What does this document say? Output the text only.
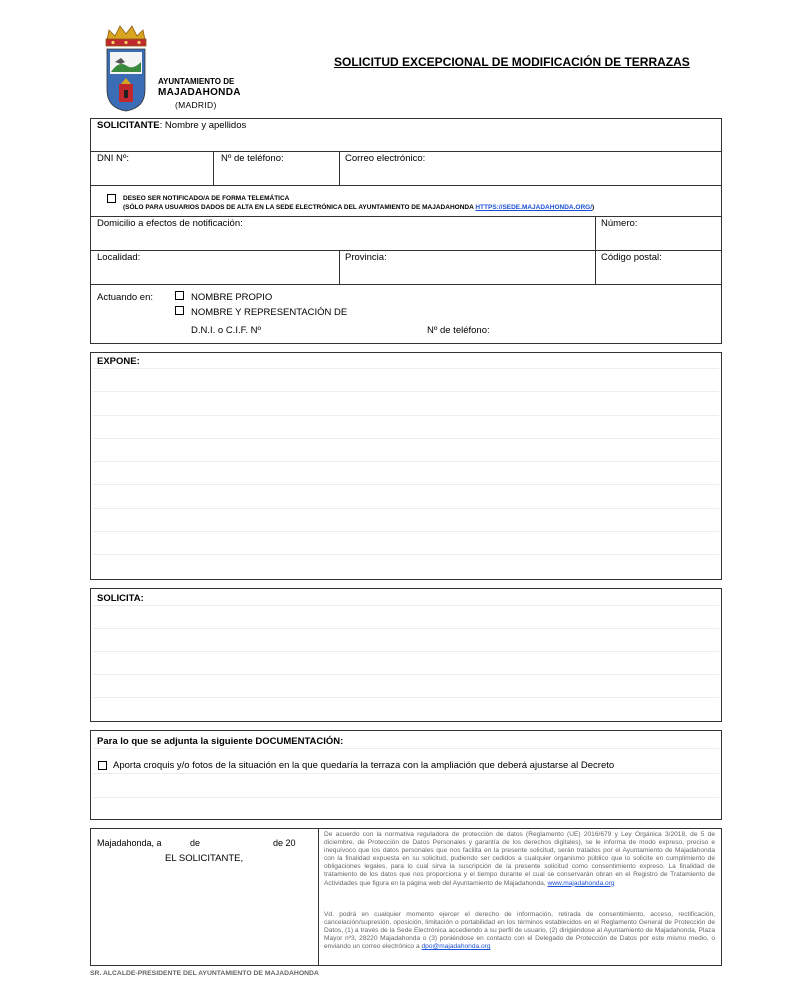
AYUNTAMIENTO DE
MAJADAHONDA
(MADRID)
SOLICITUD EXCEPCIONAL DE MODIFICACIÓN DE TERRAZAS
SOLICITANTE: Nombre y apellidos
DNI Nº:	Nº de teléfono:	Correo electrónico:
DESEO SER NOTIFICADO/A DE FORMA TELEMÁTICA
(SÓLO PARA USUARIOS DADOS DE ALTA EN LA SEDE ELECTRÓNICA DEL AYUNTAMIENTO DE MAJADAHONDA HTTPS://SEDE.MAJADAHONDA.ORG/)
Domicilio a efectos de notificación:	Número:
Localidad:	Provincia:	Código postal:
Actuando en:	NOMBRE PROPIO
NOMBRE Y REPRESENTACIÓN DE
D.N.I. o C.I.F. Nº	Nº de teléfono:
EXPONE:
SOLICITA:
Para lo que se adjunta la siguiente DOCUMENTACIÓN:
Aporta croquis y/o fotos de la situación en la que quedaría la terraza con la ampliación que deberá ajustarse al Decreto
Majadahonda, a	de	de 20
EL SOLICITANTE,
De acuerdo con la normativa reguladora de protección de datos (Reglamento (UE) 2016/679 y Ley Orgánica 3/2018, de 5 de diciembre, de Protección de Datos Personales y garantía de los derechos digitales), se le informa de modo expreso, preciso e inequívoco que los datos personales que nos facilita en la presente solicitud, serán tratados por el Ayuntamiento de Majadahonda con la finalidad expuesta en su solicitud, pudiendo ser cedidos a cualquier organismo público que lo solicite en cumplimiento de obligaciones legales, para lo cual sirva la suscripción de la presente solicitud como consentimiento expreso. La finalidad de tratamiento de los datos que nos proporciona y el tiempo durante el cual se conservarán obran en el Registro de Tratamiento de Actividades que figura en la página web del Ayuntamiento de Majadahonda, www.majadahonda.org
Vd. podrá en cualquier momento ejercer el derecho de información, retirada de consentimiento, acceso, rectificación, cancelación/supresión, oposición, limitación o portabilidad en los términos establecidos en el Reglamento General de Protección de Datos, (1) a través de la Sede Electrónica accediendo a su perfil de usuario, (2) dirigiéndose al Ayuntamiento de Majadahonda, Plaza Mayor nº3, 28220 Majadahonda o (3) poniéndose en contacto con el Delegado de Protección de Datos por este mismo medio, o enviando un correo electrónico a dpo@majadahonda.org
SR. ALCALDE-PRESIDENTE DEL AYUNTAMIENTO DE MAJADAHONDA
